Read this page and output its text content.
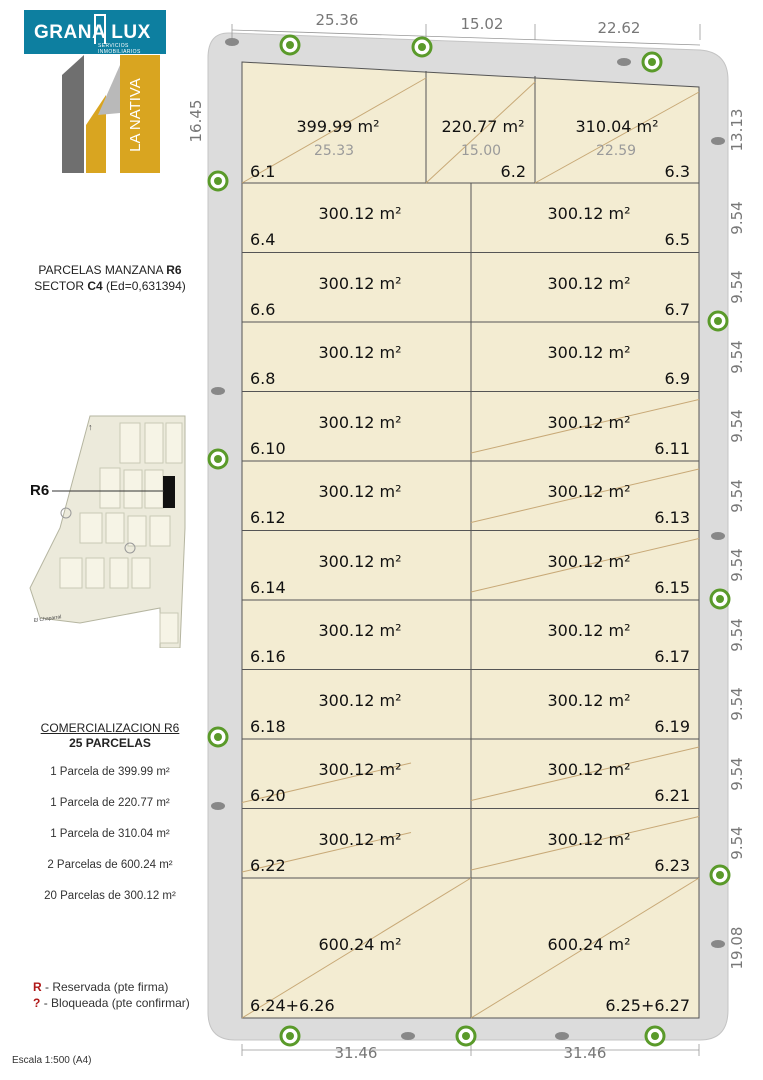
GRANA LUX
SERVICIOS INMOBILIARIOS
LA NATIVA
PARCELAS MANZANA R6
SECTOR C4 (Ed=0,631394)
↑
El Chaparral
R6
COMERCIALIZACION R6
25 PARCELAS
1 Parcela de 399.99 m²
1 Parcela de 220.77 m²
1 Parcela de 310.04 m²
2 Parcelas de 600.24 m²
20 Parcelas de 300.12 m²
R - Reservada (pte firma)
? - Bloqueada (pte confirmar)
Escala 1:500 (A4)
399.99 m²	220.77 m²	310.04 m²
25.33	15.00	22.59
6.1	6.2	6.3
300.12 m²	300.12 m²
6.4	6.5
300.12 m²	300.12 m²
6.6	6.7
300.12 m²	300.12 m²
6.8	6.9
300.12 m²	300.12 m²
6.10	6.11
300.12 m²	300.12 m²
6.12	6.13
300.12 m²	300.12 m²
6.14	6.15
300.12 m²	300.12 m²
6.16	6.17
300.12 m²	300.12 m²
6.18	6.19
300.12 m²	300.12 m²
6.20	6.21
300.12 m²	300.12 m²
6.22	6.23
600.24 m²	600.24 m²
6.24+6.26	6.25+6.27
25.36	15.02	22.62
31.46	31.46
16.45	13.13
9.54
9.54
9.54
9.54
9.54
9.54
9.54
9.54
9.54
9.54
19.08
